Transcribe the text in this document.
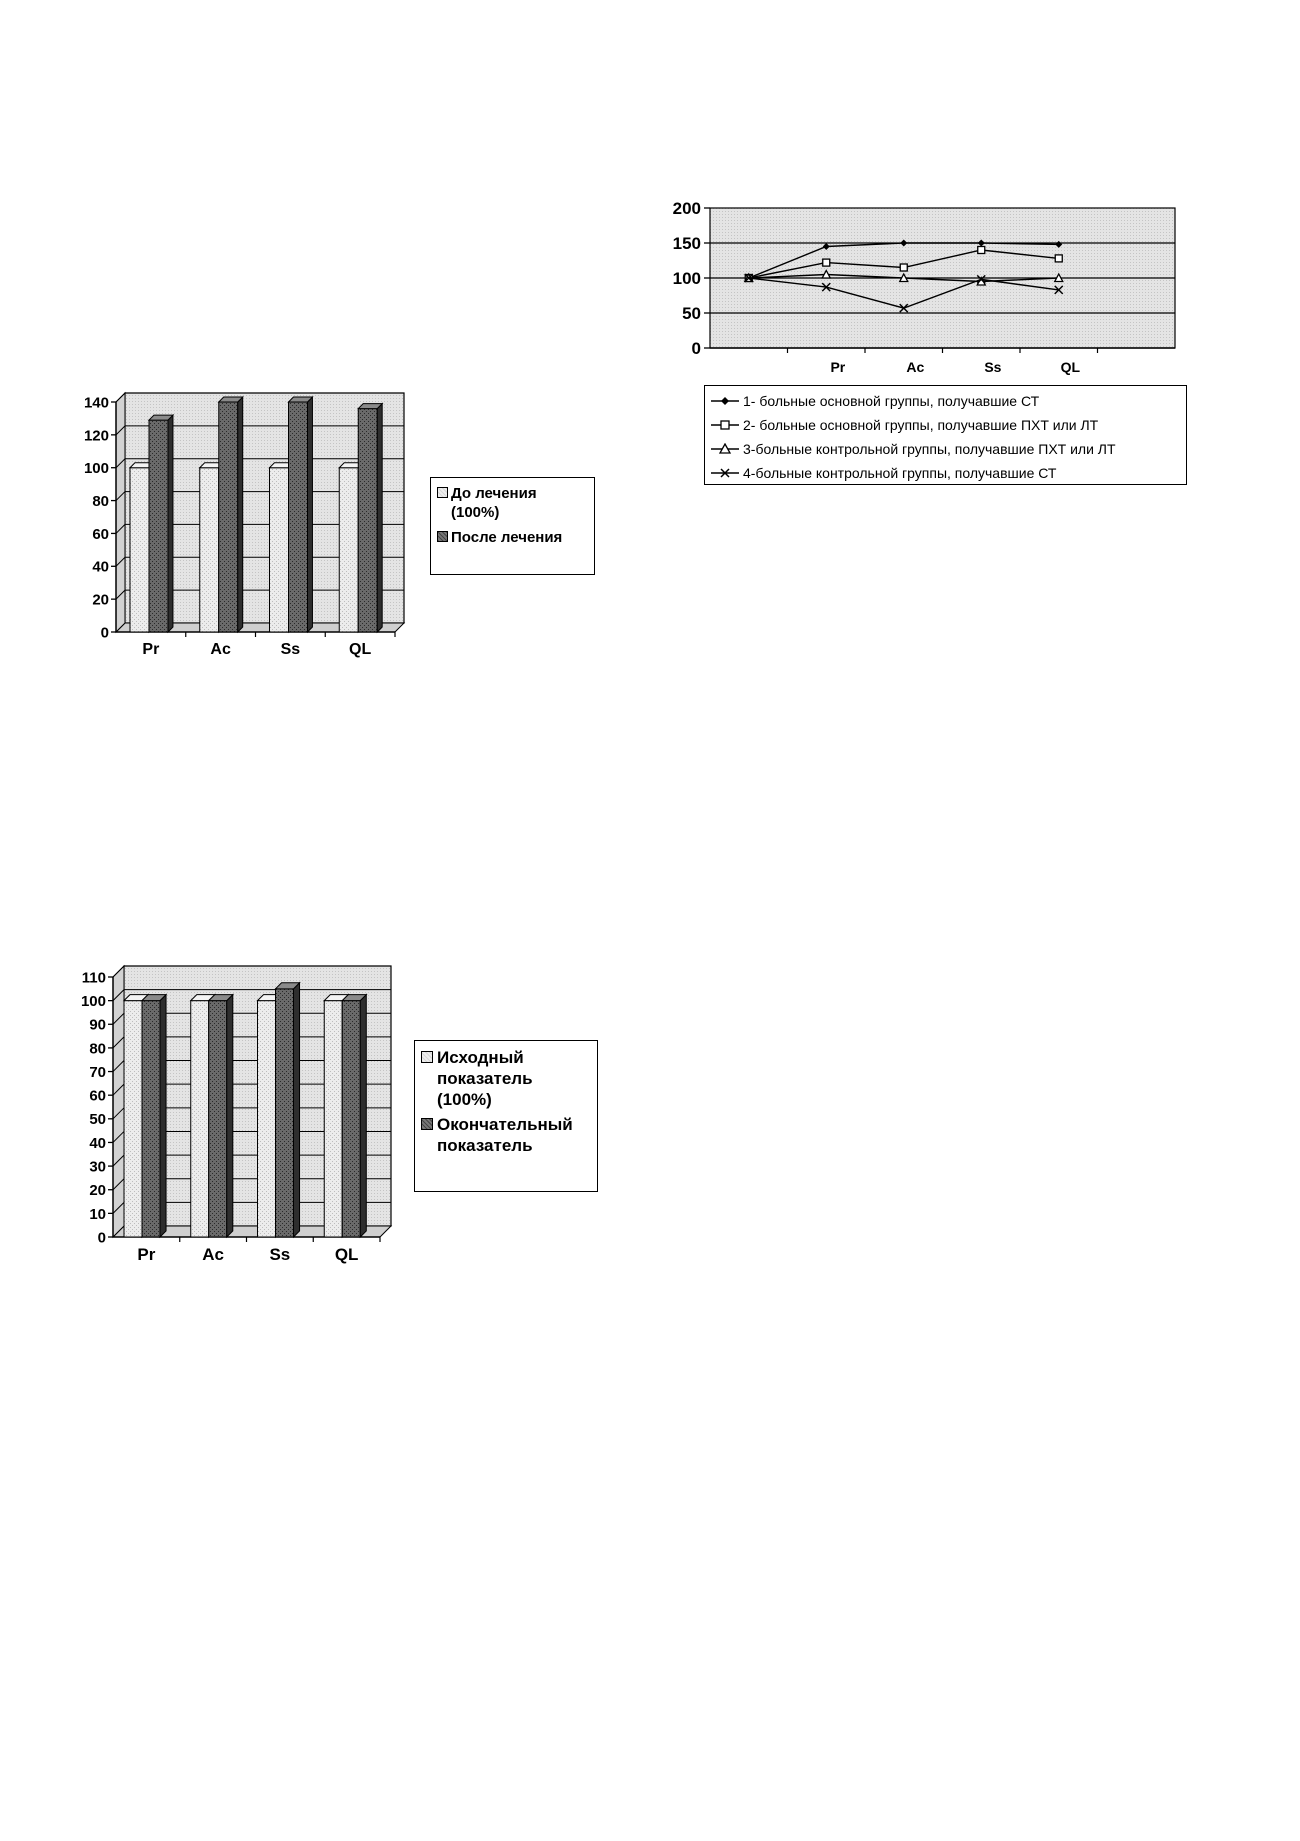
0
20
40
60
80
100
120
140
Pr	Ac	Ss	QL
До лечения
(100%)
После лечения
0
50
100
150
200
Pr	Ac	Ss	QL
1- больные основной группы, получавшие СТ
2- больные основной группы, получавшие ПХТ или ЛТ
3-больные контрольной группы, получавшие ПХТ или ЛТ
4-больные контрольной группы, получавшие СТ
0
10
20
30
40
50
60
70
80
90
100
110
Pr	Ac	Ss	QL
Исходный
показатель
(100%)
Окончательный
показатель
